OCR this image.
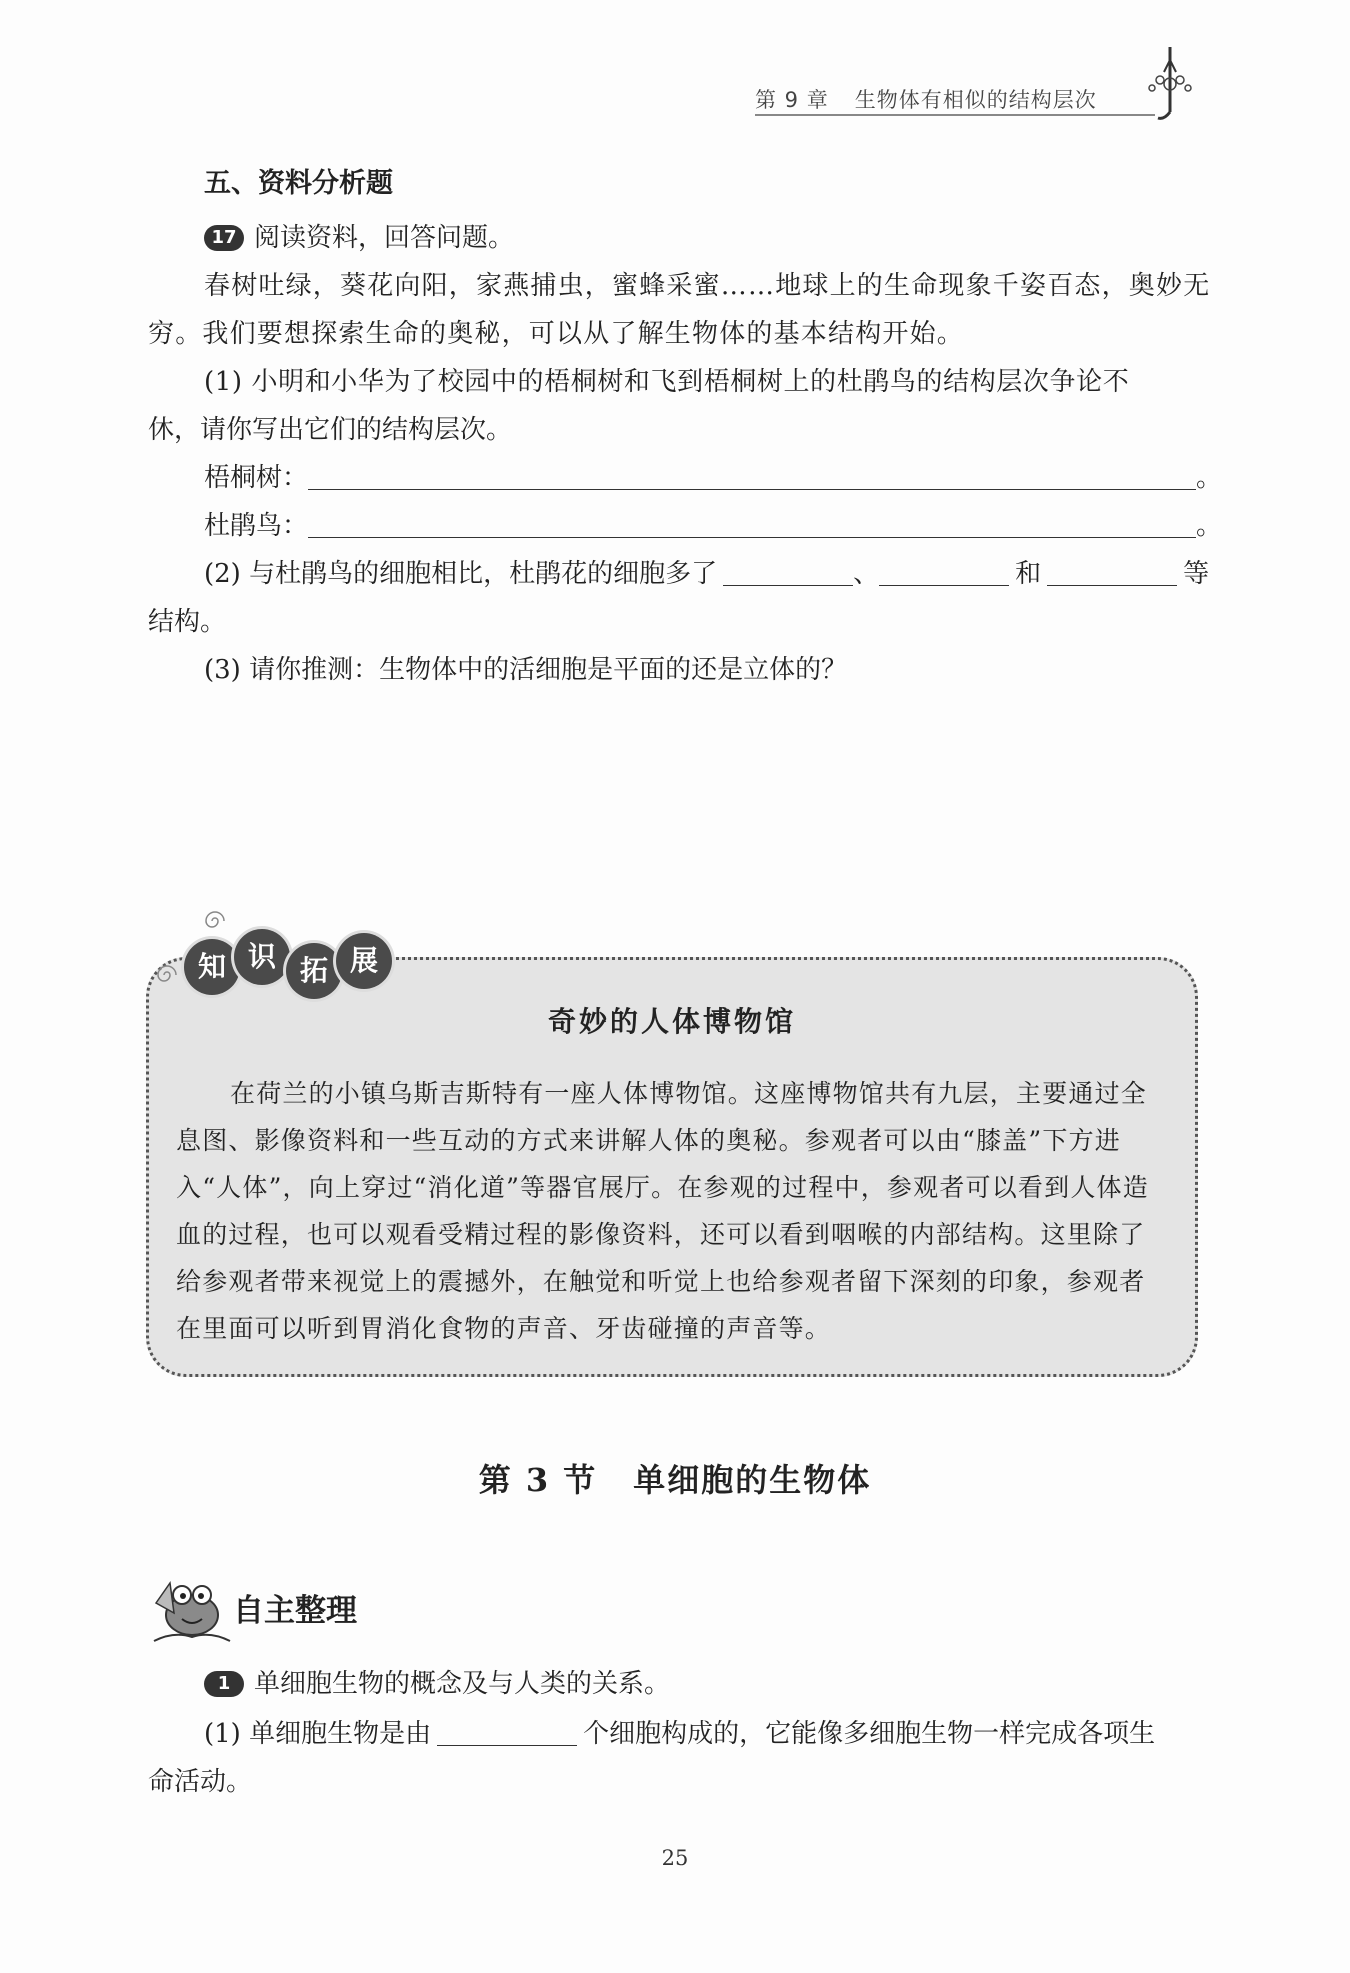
第 9 章 生物体有相似的结构层次
五、资料分析题
17 阅读资料，回答问题。
春树吐绿，葵花向阳，家燕捕虫，蜜蜂采蜜……地球上的生命现象千姿百态，奥妙无
穷。我们要想探索生命的奥秘，可以从了解生物体的基本结构开始。
(1) 小明和小华为了校园中的梧桐树和飞到梧桐树上的杜鹃鸟的结构层次争论不
休，请你写出它们的结构层次。
梧桐树：	。
杜鹃鸟：	。
(2) 与杜鹃鸟的细胞相比，杜鹃花的细胞多了	、	和	等
结构。
(3) 请你推测：生物体中的活细胞是平面的还是立体的？
知 识 拓 展
奇妙的人体博物馆
在荷兰的小镇乌斯吉斯特有一座人体博物馆。这座博物馆共有九层，主要通过全
息图、影像资料和一些互动的方式来讲解人体的奥秘。参观者可以由“膝盖”下方进
入“人体”，向上穿过“消化道”等器官展厅。在参观的过程中，参观者可以看到人体造
血的过程，也可以观看受精过程的影像资料，还可以看到咽喉的内部结构。这里除了
给参观者带来视觉上的震撼外，在触觉和听觉上也给参观者留下深刻的印象，参观者
在里面可以听到胃消化食物的声音、牙齿碰撞的声音等。
第 3 节 单细胞的生物体
自主整理
1 单细胞生物的概念及与人类的关系。
(1) 单细胞生物是由	个细胞构成的，它能像多细胞生物一样完成各项生
命活动。
25
